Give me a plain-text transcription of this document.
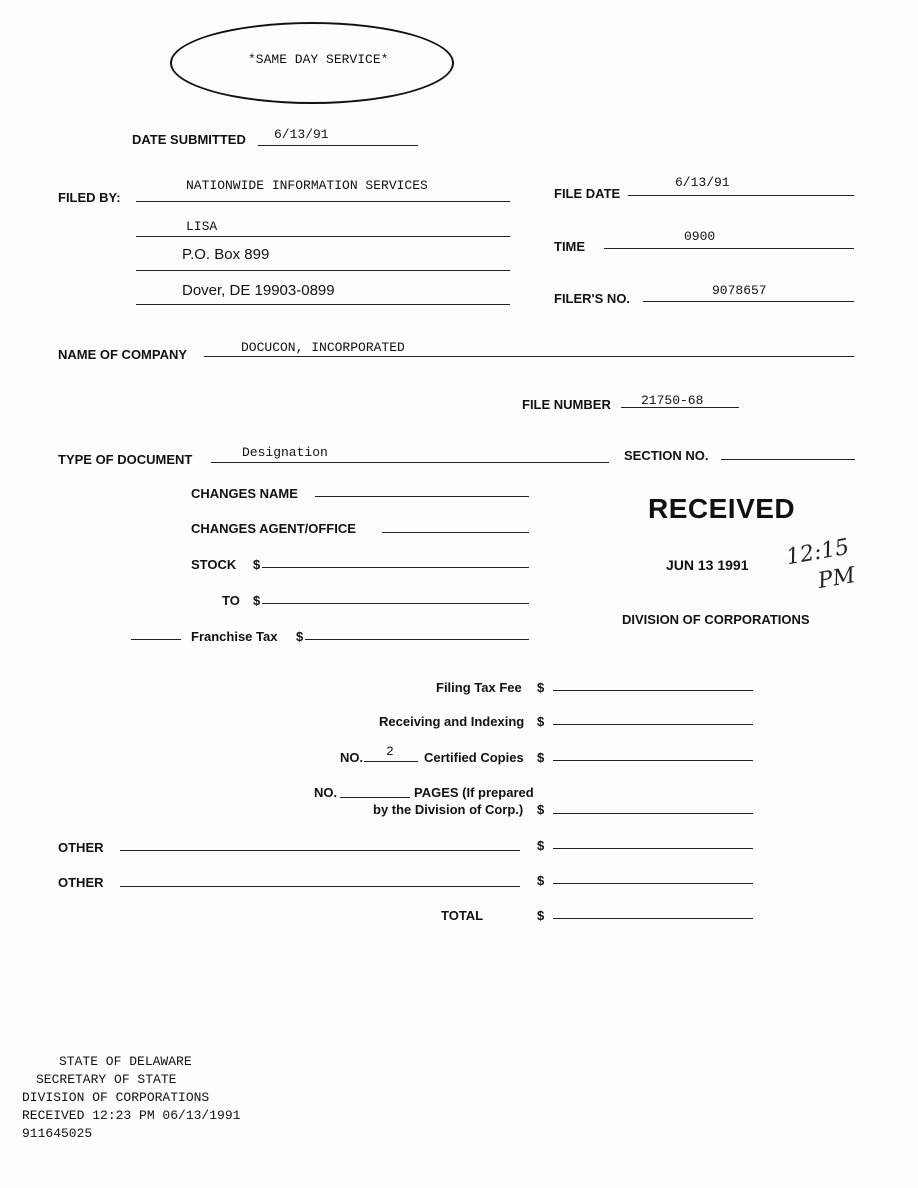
*SAME DAY SERVICE*
DATE SUBMITTED 6/13/91
FILED BY:
NATIONWIDE INFORMATION SERVICES
LISA
P.O. Box 899
Dover, DE 19903-0899
FILE DATE
6/13/91
TIME
0900
FILER'S NO.
9078657
NAME OF COMPANY	DOCUCON, INCORPORATED
FILE NUMBER 21750-68
TYPE OF DOCUMENT	Designation	SECTION NO.
CHANGES NAME
CHANGES AGENT/OFFICE
STOCK $
TO $
Franchise Tax $
RECEIVED
JUN 13 1991
DIVISION OF CORPORATIONS
12:15
PM
Filing Tax Fee $
Receiving and Indexing $
NO. 2 Certified Copies $
NO.	PAGES (If prepared
by the Division of Corp.) $
OTHER	$
OTHER	$
TOTAL	$
STATE OF DELAWARE
SECRETARY OF STATE
DIVISION OF CORPORATIONS
RECEIVED 12:23 PM 06/13/1991
911645025
